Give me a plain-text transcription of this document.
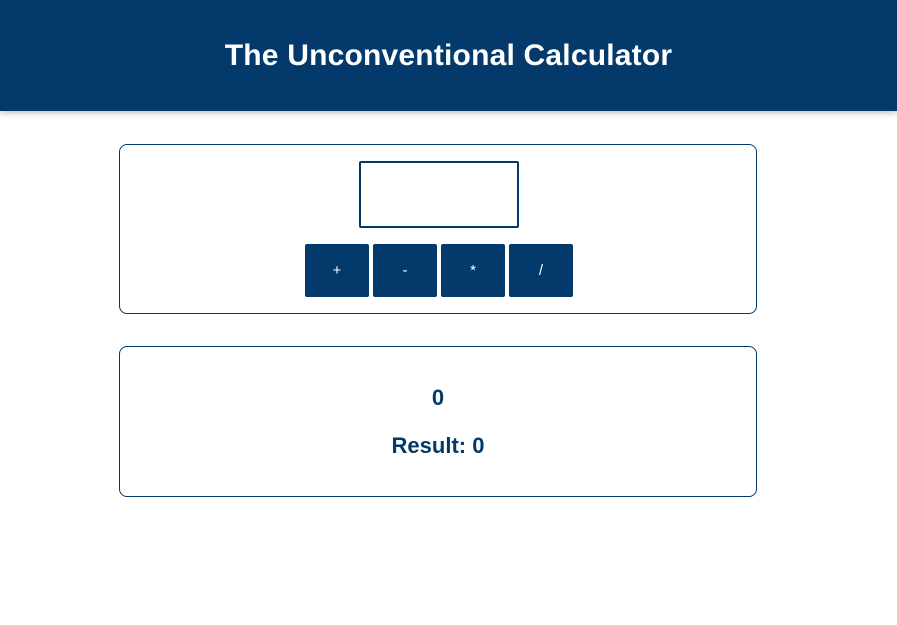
The Unconventional Calculator
+	-	*	/
0
Result: 0
